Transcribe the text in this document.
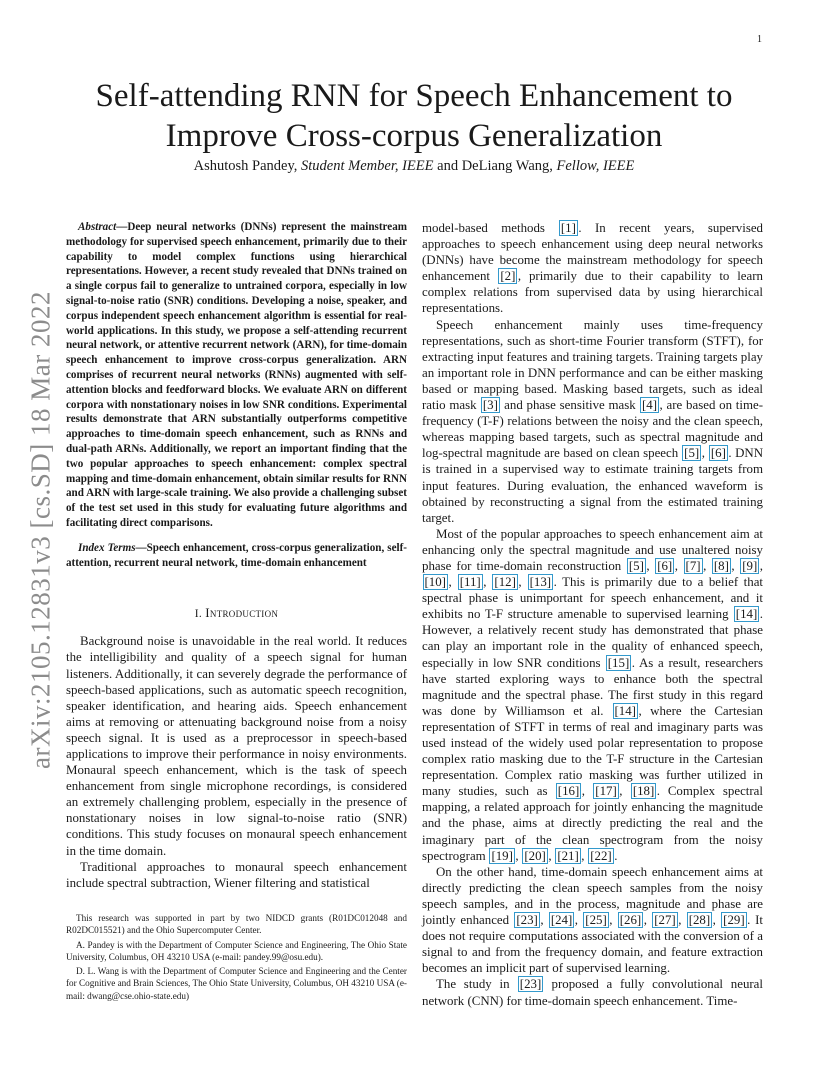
1
arXiv:2105.12831v3 [cs.SD] 18 Mar 2022
Self-attending RNN for Speech Enhancement to Improve Cross-corpus Generalization
Ashutosh Pandey, Student Member, IEEE and DeLiang Wang, Fellow, IEEE

Abstract—Deep neural networks (DNNs) represent the mainstream methodology for supervised speech enhancement, primarily due to their capability to model complex functions using hierarchical representations. However, a recent study revealed that DNNs trained on a single corpus fail to generalize to untrained corpora, especially in low signal-to-noise ratio (SNR) conditions. Developing a noise, speaker, and corpus independent speech enhancement algorithm is essential for real-world applications. In this study, we propose a self-attending recurrent neural network, or attentive recurrent network (ARN), for time-domain speech enhancement to improve cross-corpus generalization. ARN comprises of recurrent neural networks (RNNs) augmented with self-attention blocks and feedforward blocks. We evaluate ARN on different corpora with nonstationary noises in low SNR conditions. Experimental results demonstrate that ARN substantially outperforms competitive approaches to time-domain speech enhancement, such as RNNs and dual-path ARNs. Additionally, we report an important finding that the two popular approaches to speech enhancement: complex spectral mapping and time-domain enhancement, obtain similar results for RNN and ARN with large-scale training. We also provide a challenging subset of the test set used in this study for evaluating future algorithms and facilitating direct comparisons.

Index Terms—Speech enhancement, cross-corpus generalization, self-attention, recurrent neural network, time-domain enhancement

I. Introduction

Background noise is unavoidable in the real world. It reduces the intelligibility and quality of a speech signal for human listeners. Additionally, it can severely degrade the performance of speech-based applications, such as automatic speech recognition, speaker identification, and hearing aids. Speech enhancement aims at removing or attenuating background noise from a noisy speech signal. It is used as a preprocessor in speech-based applications to improve their performance in noisy environments. Monaural speech enhancement, which is the task of speech enhancement from single microphone recordings, is considered an extremely challenging problem, especially in the presence of nonstationary noises in low signal-to-noise ratio (SNR) conditions. This study focuses on monaural speech enhancement in the time domain.

Traditional approaches to monaural speech enhancement include spectral subtraction, Wiener filtering and statistical

This research was supported in part by two NIDCD grants (R01DC012048 and R02DC015521) and the Ohio Supercomputer Center.

A. Pandey is with the Department of Computer Science and Engineering, The Ohio State University, Columbus, OH 43210 USA (e-mail: pandey.99@osu.edu).

D. L. Wang is with the Department of Computer Science and Engineering and the Center for Cognitive and Brain Sciences, The Ohio State University, Columbus, OH 43210 USA (e-mail: dwang@cse.ohio-state.edu)

model-based methods [1] . In recent years, supervised approaches to speech enhancement using deep neural networks (DNNs) have become the mainstream methodology for speech enhancement [2] , primarily due to their capability to learn complex relations from supervised data by using hierarchical representations.

Speech enhancement mainly uses time-frequency representations, such as short-time Fourier transform (STFT), for extracting input features and training targets. Training targets play an important role in DNN performance and can be either masking based or mapping based. Masking based targets, such as ideal ratio mask [3] and phase sensitive mask [4] , are based on time-frequency (T-F) relations between the noisy and the clean speech, whereas mapping based targets, such as spectral magnitude and log-spectral magnitude are based on clean speech [5] , [6] . DNN is trained in a supervised way to estimate training targets from input features. During evaluation, the enhanced waveform is obtained by reconstructing a signal from the estimated training target.

Most of the popular approaches to speech enhancement aim at enhancing only the spectral magnitude and use unaltered noisy phase for time-domain reconstruction [5] , [6] , [7] , [8] , [9] , [10] , [11] , [12] , [13] . This is primarily due to a belief that spectral phase is unimportant for speech enhancement, and it exhibits no T-F structure amenable to supervised learning [14] . However, a relatively recent study has demonstrated that phase can play an important role in the quality of enhanced speech, especially in low SNR conditions [15] . As a result, researchers have started exploring ways to enhance both the spectral magnitude and the spectral phase. The first study in this regard was done by Williamson et al. [14] , where the Cartesian representation of STFT in terms of real and imaginary parts was used instead of the widely used polar representation to propose complex ratio masking due to the T-F structure in the Cartesian representation. Complex ratio masking was further utilized in many studies, such as [16] , [17] , [18] . Complex spectral mapping, a related approach for jointly enhancing the magnitude and the phase, aims at directly predicting the real and the imaginary part of the clean spectrogram from the noisy spectrogram [19] , [20] , [21] , [22] .

On the other hand, time-domain speech enhancement aims at directly predicting the clean speech samples from the noisy speech samples, and in the process, magnitude and phase are jointly enhanced [23] , [24] , [25] , [26] , [27] , [28] , [29] . It does not require computations associated with the conversion of a signal to and from the frequency domain, and feature extraction becomes an implicit part of supervised learning.

The study in [23] proposed a fully convolutional neural network (CNN) for time-domain speech enhancement. Time-
